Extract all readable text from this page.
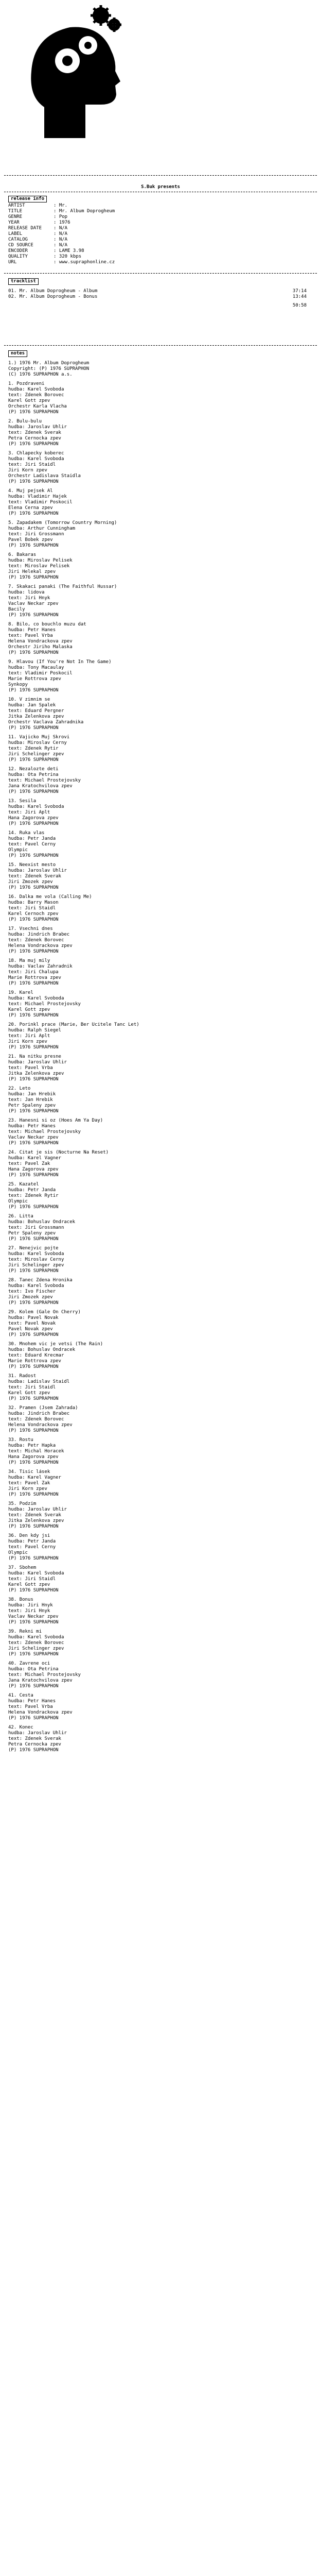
S.Buk presents
release info
ARTIST	: Mr.
TITLE	: Mr. Album Doprogheum
GENRE	: Pop
YEAR	: 1976
RELEASE DATE	: N/A
LABEL	: N/A
CATALOG	: N/A
CD SOURCE	: N/A
ENCODER	: LAME 3.98
QUALITY	: 320 kbps
URL	: www.supraphonline.cz
tracklist
01. Mr. Album Doprogheum - Album	37:14
02. Mr. Album Doprogheum - Bonus	13:44
50:58
notes
1.) 1976 Mr. Album Doprogheum
Copyright: (P) 1976 SUPRAPHON
(C) 1976 SUPRAPHON a.s.
1. Pozdraveni
hudba: Karel Svoboda
text: Zdenek Borovec
Karel Gott zpev
Orchestr Karla Vlacha
(P) 1976 SUPRAPHON
2. Bulu-bulu
hudba: Jaroslav Uhlir
text: Zdenek Sverak
Petra Cernocka zpev
(P) 1976 SUPRAPHON
3. Chlapecky koberec
hudba: Karel Svoboda
text: Jiri Staidl
Jiri Korn zpev
Orchestr Ladislava Staidla
(P) 1976 SUPRAPHON
4. Muj pejsek Al
hudba: Vladimir Hajek
text: Vladimir Poskocil
Elena Cerna zpev
(P) 1976 SUPRAPHON
5. Zapadakem (Tomorrow Country Morning)
hudba: Arthur Cunningham
text: Jiri Grossmann
Pavel Bobek zpev
(P) 1976 SUPRAPHON
6. Bakaras
hudba: Miroslav Pelisek
text: Miroslav Pelisek
Jiri Helekal zpev
(P) 1976 SUPRAPHON
7. Skakaci panaki (The Faithful Hussar)
hudba: lidova
text: Jiri Hnyk
Vaclav Neckar zpev
Bacily
(P) 1976 SUPRAPHON
8. Bilo, co bouchlo muzu dat
hudba: Petr Hanes
text: Pavel Vrba
Helena Vondrackova zpev
Orchestr Jiriho Malaska
(P) 1976 SUPRAPHON
9. Hlavou (If You're Not In The Game)
hudba: Tony Macaulay
text: Vladimir Poskocil
Marie Rottrova zpev
Synkopy
(P) 1976 SUPRAPHON
10. V zimnim se
hudba: Jan Spalek
text: Eduard Pergner
Jitka Zelenkova zpev
Orchestr Vaclava Zahradnika
(P) 1976 SUPRAPHON
11. Vajicko Muj Skrovi
hudba: Miroslav Cerny
text: Zdenek Rytir
Jiri Schelinger zpev
(P) 1976 SUPRAPHON
12. Nezalozte deti
hudba: Ota Petrina
text: Michael Prostejovsky
Jana Kratochvilova zpev
(P) 1976 SUPRAPHON
13. Sesila
hudba: Karel Svoboda
text: Jiri Aplt
Hana Zagorova zpev
(P) 1976 SUPRAPHON
14. Ruka vlas
hudba: Petr Janda
text: Pavel Cerny
Olympic
(P) 1976 SUPRAPHON
15. Neexist mesto
hudba: Jaroslav Uhlir
text: Zdenek Sverak
Jiri Zmozek zpev
(P) 1976 SUPRAPHON
16. Dalka me vola (Calling Me)
hudba: Barry Mason
text: Jiri Staidl
Karel Cernoch zpev
(P) 1976 SUPRAPHON
17. Vsechni dnes
hudba: Jindrich Brabec
text: Zdenek Borovec
Helena Vondrackova zpev
(P) 1976 SUPRAPHON
18. Ma muj mily
hudba: Vaclav Zahradnik
text: Jiri Chalupa
Marie Rottrova zpev
(P) 1976 SUPRAPHON
19. Karel
hudba: Karel Svoboda
text: Michael Prostejovsky
Karel Gott zpev
(P) 1976 SUPRAPHON
20. Porinkl prace (Marie, Ber Ucitele Tanc Let)
hudba: Ralph Siegel
text: Jiri Aplt
Jiri Korn zpev
(P) 1976 SUPRAPHON
21. Na nitku presne
hudba: Jaroslav Uhlir
text: Pavel Vrba
Jitka Zelenkova zpev
(P) 1976 SUPRAPHON
22. Leto
hudba: Jan Hrebik
text: Jan Hrebik
Petr Spaleny zpev
(P) 1976 SUPRAPHON
23. Hanesni si oz (Hoes Am Ya Day)
hudba: Petr Hanes
text: Michael Prostejovsky
Vaclav Neckar zpev
(P) 1976 SUPRAPHON
24. Citat je sis (Nocturne Na Reset)
hudba: Karel Vagner
text: Pavel Zak
Hana Zagorova zpev
(P) 1976 SUPRAPHON
25. Kazatel
hudba: Petr Janda
text: Zdenek Rytir
Olympic
(P) 1976 SUPRAPHON
26. Litta
hudba: Bohuslav Ondracek
text: Jiri Grossmann
Petr Spaleny zpev
(P) 1976 SUPRAPHON
27. Nenejvic pojte
hudba: Karel Svoboda
text: Miroslav Cerny
Jiri Schelinger zpev
(P) 1976 SUPRAPHON
28. Tanec Zdena Hronika
hudba: Karel Svoboda
text: Ivo Fischer
Jiri Zmozek zpev
(P) 1976 SUPRAPHON
29. Kolem (Gale On Cherry)
hudba: Pavel Novak
text: Pavel Novak
Pavel Novak zpev
(P) 1976 SUPRAPHON
30. Mnohem vic je vetsi (The Rain)
hudba: Bohuslav Ondracek
text: Eduard Krecmar
Marie Rottrova zpev
(P) 1976 SUPRAPHON
31. Radost
hudba: Ladislav Staidl
text: Jiri Staidl
Karel Gott zpev
(P) 1976 SUPRAPHON
32. Pramen (Jsem Zahrada)
hudba: Jindrich Brabec
text: Zdenek Borovec
Helena Vondrackova zpev
(P) 1976 SUPRAPHON
33. Rostu
hudba: Petr Hapka
text: Michal Horacek
Hana Zagorova zpev
(P) 1976 SUPRAPHON
34. Tisic lásek
hudba: Karel Vagner
text: Pavel Zak
Jiri Korn zpev
(P) 1976 SUPRAPHON
35. Podzim
hudba: Jaroslav Uhlir
text: Zdenek Sverak
Jitka Zelenkova zpev
(P) 1976 SUPRAPHON
36. Den kdy jsi
hudba: Petr Janda
text: Pavel Cerny
Olympic
(P) 1976 SUPRAPHON
37. Sbohem
hudba: Karel Svoboda
text: Jiri Staidl
Karel Gott zpev
(P) 1976 SUPRAPHON
38. Bonus
hudba: Jiri Hnyk
text: Jiri Hnyk
Vaclav Neckar zpev
(P) 1976 SUPRAPHON
39. Rekni mi
hudba: Karel Svoboda
text: Zdenek Borovec
Jiri Schelinger zpev
(P) 1976 SUPRAPHON
40. Zavrene oci
hudba: Ota Petrina
text: Michael Prostejovsky
Jana Kratochvilova zpev
(P) 1976 SUPRAPHON
41. Cesta
hudba: Petr Hanes
text: Pavel Vrba
Helena Vondrackova zpev
(P) 1976 SUPRAPHON
42. Konec
hudba: Jaroslav Uhlir
text: Zdenek Sverak
Petra Cernocka zpev
(P) 1976 SUPRAPHON
